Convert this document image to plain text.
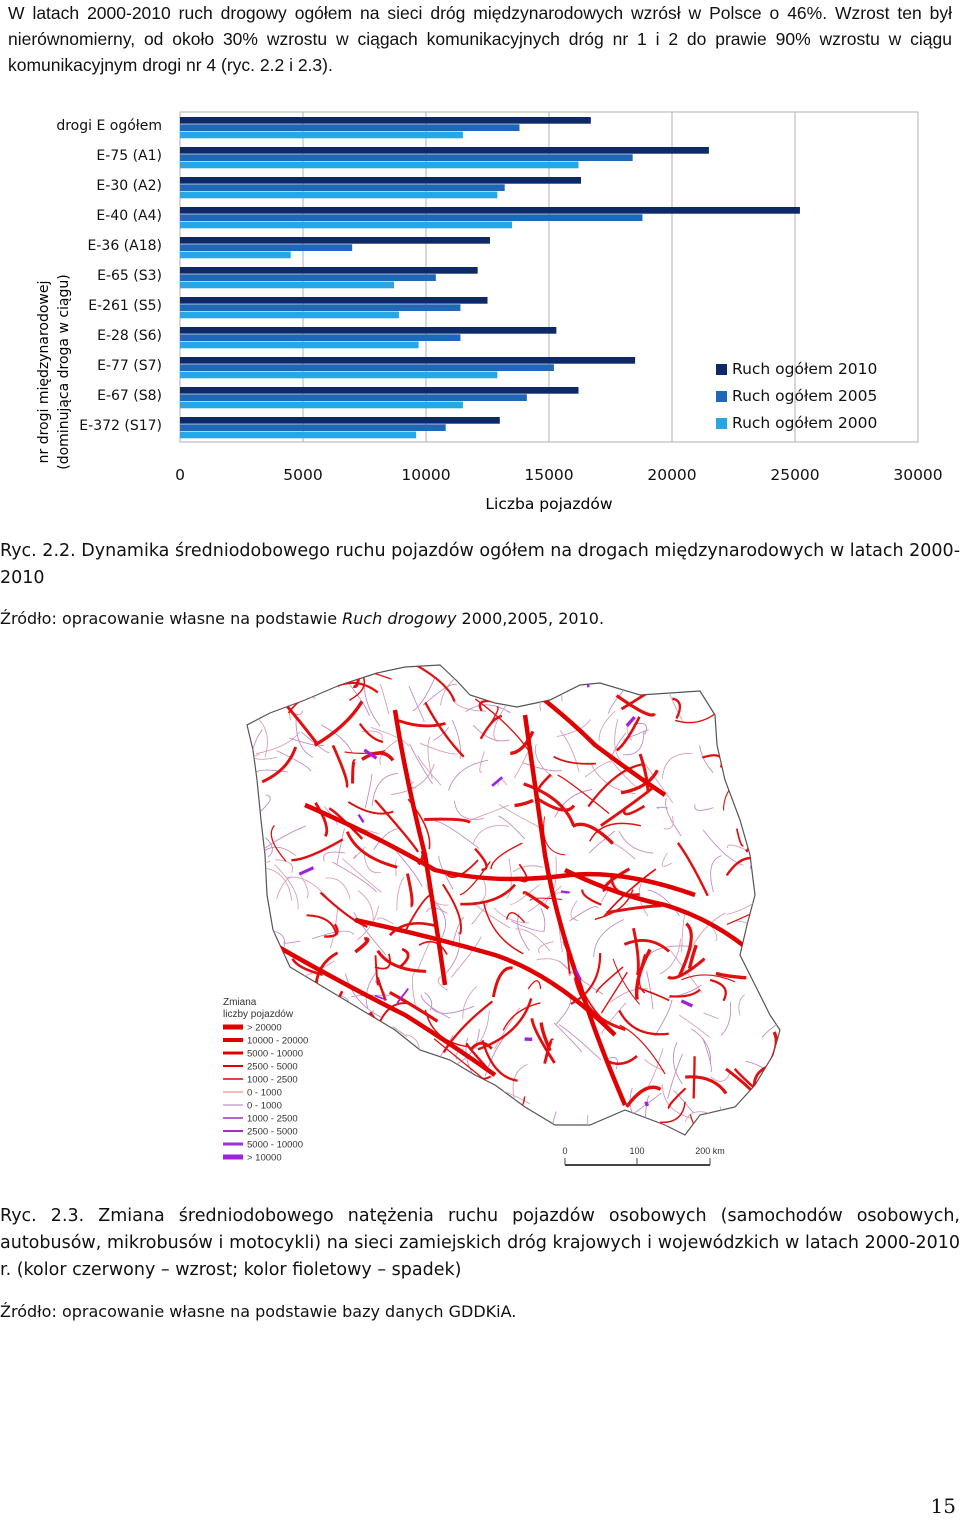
W latach 2000-2010 ruch drogowy ogółem na sieci dróg międzynarodowych wzrósł w Polsce o 46%. Wzrost ten był nierównomierny, od około 30% wzrostu w ciągach komunikacyjnych dróg nr 1 i 2 do prawie 90% wzrostu w ciągu komunikacyjnym drogi nr 4 (ryc. 2.2 i 2.3).
nr drogi międzynarodowej (dominująca droga w ciągu)
drogi E ogółem
E-75 (A1)
E-30 (A2)
E-40 (A4)
E-36 (A18)
E-65 (S3)
E-261 (S5)
E-28 (S6)
E-77 (S7)
E-67 (S8)
E-372 (S17)
0	5000	10000	15000	20000	25000	30000
Ruch ogółem 2010
Ruch ogółem 2005
Ruch ogółem 2000
Liczba pojazdów
Ryc. 2.2. Dynamika średniodobowego ruchu pojazdów ogółem na drogach międzynarodowych w latach 2000-2010
Źródło: opracowanie własne na podstawie Ruch drogowy 2000,2005, 2010.
Zmiana
liczby pojazdów
> 20000
10000 - 20000
5000 - 10000
2500 - 5000
1000 - 2500
0 - 1000
0 - 1000
1000 - 2500
2500 - 5000
5000 - 10000
> 10000
0	100	200 km
Ryc. 2.3. Zmiana średniodobowego natężenia ruchu pojazdów osobowych (samochodów osobowych, autobusów, mikrobusów i motocykli) na sieci zamiejskich dróg krajowych i wojewódzkich w latach 2000-2010 r. (kolor czerwony – wzrost; kolor fioletowy – spadek)
Źródło: opracowanie własne na podstawie bazy danych GDDKiA.
15
